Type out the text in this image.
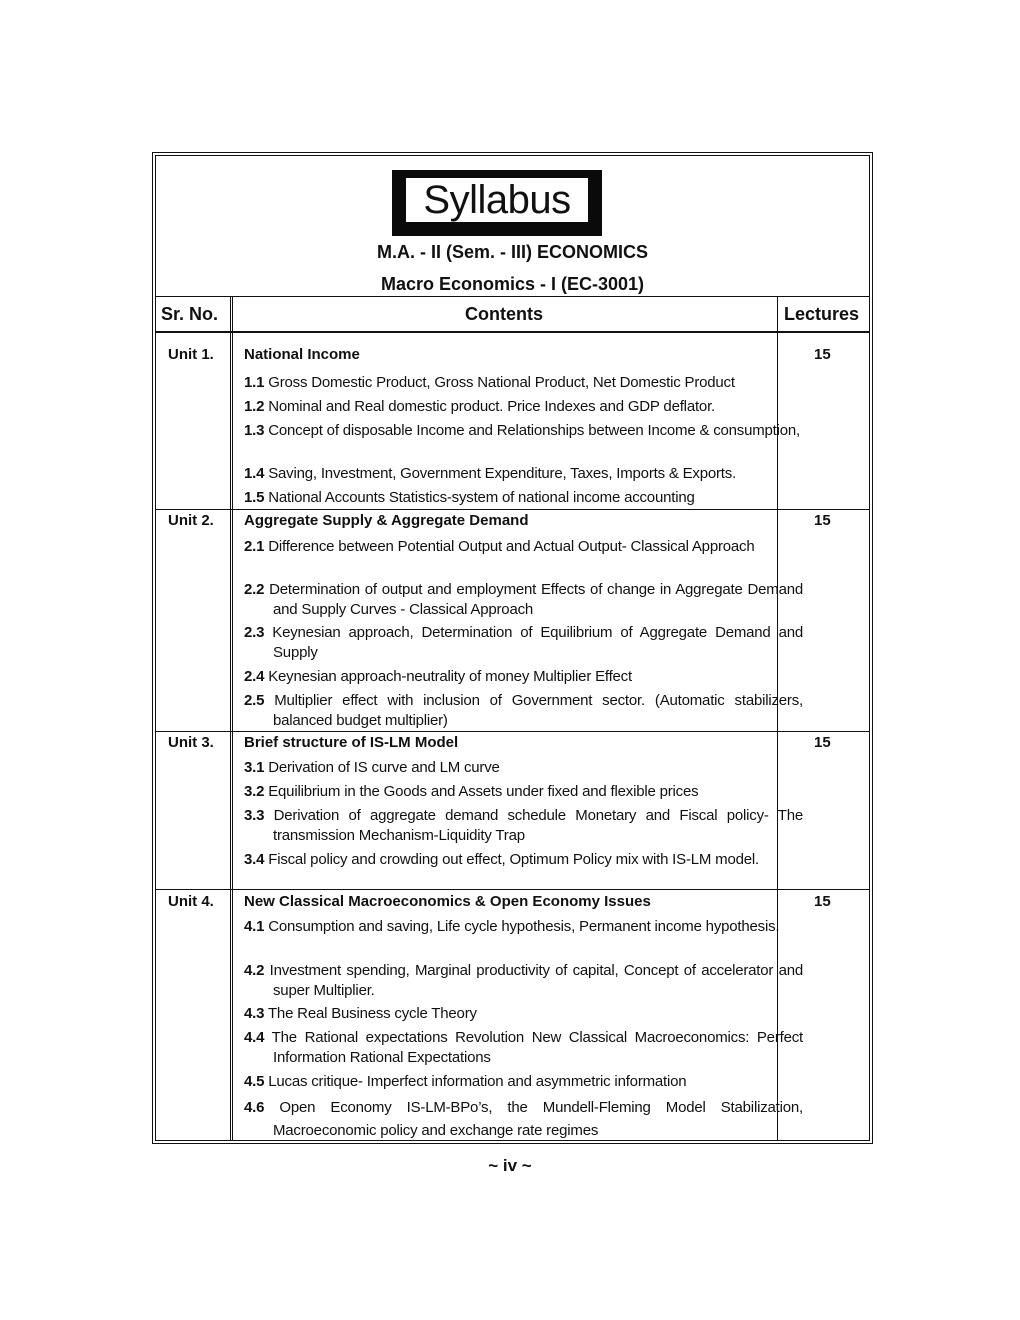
Syllabus
M.A. - II (Sem. - III) ECONOMICS
Macro Economics - I (EC-3001)
Sr. No.	Contents	Lectures
Unit 1. National Income	15
1.1 Gross Domestic Product, Gross National Product, Net Domestic Product
1.2 Nominal and Real domestic product. Price Indexes and GDP deflator.
1.3 Concept of disposable Income and Relationships between Income & consumption,
1.4 Saving, Investment, Government Expenditure, Taxes, Imports & Exports.
1.5 National Accounts Statistics-system of national income accounting
Unit 2. Aggregate Supply & Aggregate Demand	15
2.1 Difference between Potential Output and Actual Output- Classical Approach
2.2 Determination of output and employment Effects of change in Aggregate Demand and Supply Curves - Classical Approach
2.3 Keynesian approach, Determination of Equilibrium of Aggregate Demand and Supply
2.4 Keynesian approach-neutrality of money Multiplier Effect
2.5 Multiplier effect with inclusion of Government sector. (Automatic stabilizers, balanced budget multiplier)
Unit 3. Brief structure of IS-LM Model	15
3.1 Derivation of IS curve and LM curve
3.2 Equilibrium in the Goods and Assets under fixed and flexible prices
3.3 Derivation of aggregate demand schedule Monetary and Fiscal policy- The transmission Mechanism-Liquidity Trap
3.4 Fiscal policy and crowding out effect, Optimum Policy mix with IS-LM model.
Unit 4. New Classical Macroeconomics & Open Economy Issues	15
4.1 Consumption and saving, Life cycle hypothesis, Permanent income hypothesis.
4.2 Investment spending, Marginal productivity of capital, Concept of accelerator and super Multiplier.
4.3 The Real Business cycle Theory
4.4 The Rational expectations Revolution New Classical Macroeconomics: Perfect Information Rational Expectations
4.5 Lucas critique- Imperfect information and asymmetric information
4.6 Open Economy IS-LM-BPo’s, the Mundell-Fleming Model Stabilization, Macroeconomic policy and exchange rate regimes
~ iv ~
